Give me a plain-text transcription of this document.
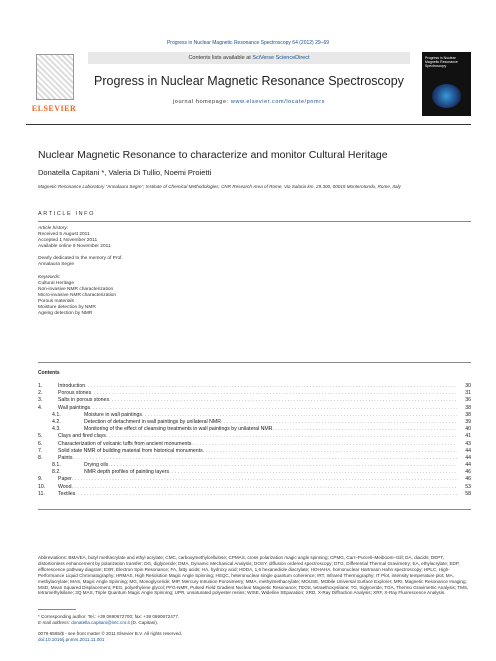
Progress in Nuclear Magnetic Resonance Spectroscopy 64 (2012) 29–69
ELSEVIER
Contents lists available at SciVerse ScienceDirect
Progress in Nuclear Magnetic Resonance Spectroscopy
journal homepage: www.elsevier.com/locate/pnmrs
Progress in Nuclear Magnetic Resonance Spectroscopy
Nuclear Magnetic Resonance to characterize and monitor Cultural Heritage
Donatella Capitani *, Valeria Di Tullio, Noemi Proietti
Magnetic Resonance Laboratory “Annalaura Segre”, Institute of Chemical Methodologies, CNR Research Area of Rome, Via Salaria km. 29.300, 00015 Monterotondo, Rome, Italy
ARTICLE INFO
Article history:
Received 5 August 2011
Accepted 1 November 2011
Available online 9 November 2011
Dearly dedicated to the memory of Prof.
Annalaura Segre
Keywords:
Cultural Heritage
Non-invasive NMR characterization
Micro-invasive NMR characterization
Porous materials
Moisture detection by NMR
Ageing detection by NMR
Contents
1.	Introduction . . .	30
2.	Porous stones . . .	31
3.	Salts in porous stones . . .	36
4.	Wall paintings . . .	38
4.1.	Moisture in wall paintings . . .	38
4.2.	Detection of detachment in wall paintings by unilateral NMR . . .	39
4.3.	Monitoring of the effect of cleansing treatments in wall paintings by unilateral NMR . . .	40
5.	Clays and fired clays . . .	41
6.	Characterization of volcanic tuffs from ancient monuments . . .	43
7.	Solid state NMR of building material from historical monuments . . .	44
8.	Paints . . .	44
8.1.	Drying oils . . .	44
8.2.	NMR depth profiles of painting layers . . .	46
9.	Paper . . .	46
10.	Wood . . .	53
11.	Textiles . . .	58
Abbreviations: BMA/EA, butyl methacrylate and ethyl acrylate; CMC, carboxymethylcellulose; CPMAS, cross polarization magic angle spinning; CPMG, Carr–Purcell–Meiboom–Gill; DA, diacids; DEPT, distortionless enhancement by polarization transfer; DG, diglyceride; DMA, Dynamic Mechanical Analysis; DOSY, diffusion ordered spectroscopy; DTG, Differential Thermal Gravimetry; EA, ethylacrylate; EDP, efflorescence pathway diagram; ESR, Electron Spin Resonance; FA, fatty acids; HA, hydroxy acid; HDDA, 1,6 hexanediole diacrylate; HOHAHA, homonuclear Hartmann Hahn spectroscopy; HPLC, High-Performance Liquid Chromatography; HRMAS, High Resolution Magic Angle Spinning; HSQC, heteronuclear single quantum coherence; IRT, Infrared Thermography; IT Plot, intensity temperature plot; MA, methylacrylate; MAS, Magic Angle Spinning; MG, Monoglyceride; MIP, Mercury Intrusion Porosimetry; MMA, methylmethacrylate; MOUSE, MObile Universal Surface Explorer; MRI, Magnetic Resonance Imaging; MSD, Mean Squared Displacement; PEG, polyethylene glycol; PFG-NMR, Pulsed Field Gradient Nuclear Magnetic Resonance; TEOS, tetraethoxysilane; TG, triglyceride; TGA, Thermo Gravimetric Analysis; TMS, tetramethylsilane; 3Q MAS, Triple Quantum Magic Angle Spinning; UPR, unsaturated polyester resins; WISE, Wideline SEparation; XRD, X-Ray Diffraction Analysis; XRF, X-Ray Fluorescence Analysis.
* Corresponding author. Tel.: +39 0690672700; fax: +39 0690672477.
E-mail address: donatella.capitani@imc.cnr.it (D. Capitani).
0079-6565/$ - see front matter © 2011 Elsevier B.V. All rights reserved.
doi:10.1016/j.pnmrs.2011.11.001
